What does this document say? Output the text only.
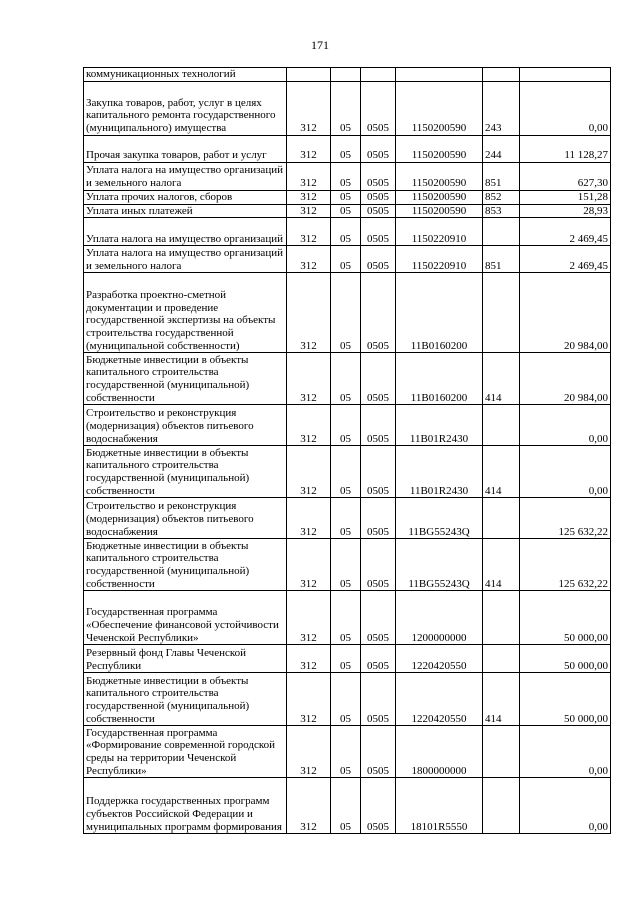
171
коммуникационных технологий						
Закупка товаров, работ, услуг в целях капитального ремонта государственного (муниципального) имущества	312	05	0505	1150200590	243	0,00
Прочая закупка товаров, работ и услуг	312	05	0505	1150200590	244	11 128,27
Уплата налога на имущество организаций и земельного налога	312	05	0505	1150200590	851	627,30
Уплата прочих налогов, сборов	312	05	0505	1150200590	852	151,28
Уплата иных платежей	312	05	0505	1150200590	853	28,93
Уплата налога на имущество организаций	312	05	0505	1150220910		2 469,45
Уплата налога на имущество организаций и земельного налога	312	05	0505	1150220910	851	2 469,45
Разработка проектно-сметной документации и проведение государственной экспертизы на объекты строительства государственной (муниципальной собственности)	312	05	0505	11В0160200		20 984,00
Бюджетные инвестиции в объекты капитального строительства государственной (муниципальной) собственности	312	05	0505	11В0160200	414	20 984,00
Строительство и реконструкция (модернизация) объектов питьевого водоснабжения	312	05	0505	11В01R2430		0,00
Бюджетные инвестиции в объекты капитального строительства государственной (муниципальной) собственности	312	05	0505	11В01R2430	414	0,00
Строительство и реконструкция (модернизация) объектов питьевого водоснабжения	312	05	0505	11BG55243Q		125 632,22
Бюджетные инвестиции в объекты капитального строительства государственной (муниципальной) собственности	312	05	0505	11BG55243Q	414	125 632,22
Государственная программа «Обеспечение финансовой устойчивости Чеченской Республики»	312	05	0505	1200000000		50 000,00
Резервный фонд Главы Чеченской Республики	312	05	0505	1220420550		50 000,00
Бюджетные инвестиции в объекты капитального строительства государственной (муниципальной) собственности	312	05	0505	1220420550	414	50 000,00
Государственная программа «Формирование современной городской среды на территории Чеченской Республики»	312	05	0505	1800000000		0,00
Поддержка государственных программ субъектов Российской Федерации и муниципальных программ формирования	312	05	0505	18101R5550		0,00
